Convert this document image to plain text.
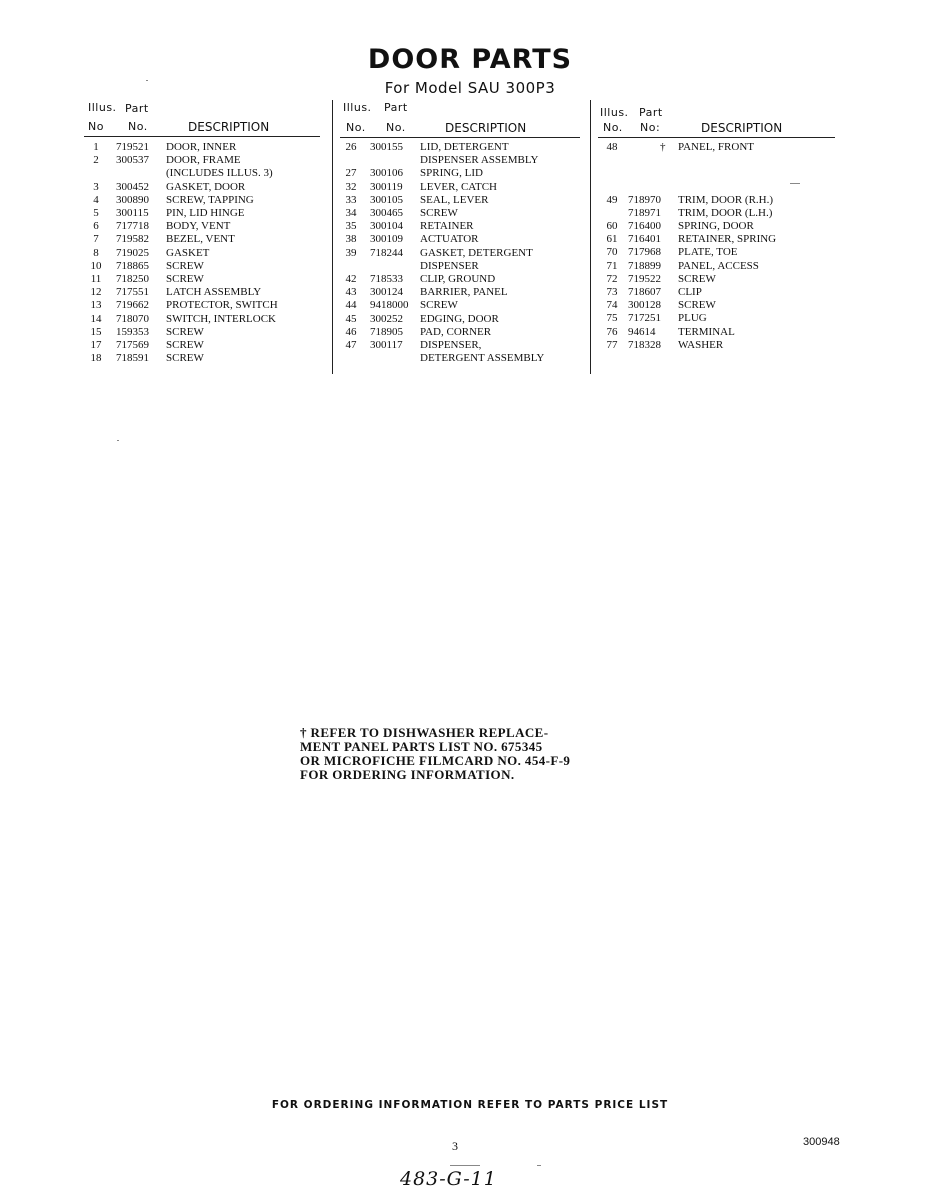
DOOR PARTS
For Model SAU 300P3
Illus. Part
No No.	DESCRIPTION
1	719521 DOOR, INNER
2	300537 DOOR, FRAME
(INCLUDES ILLUS. 3)
3	300452 GASKET, DOOR
4	300890 SCREW, TAPPING
5	300115 PIN, LID HINGE
6	717718 BODY, VENT
7	719582 BEZEL, VENT
8	719025 GASKET
10	718865 SCREW
11	718250 SCREW
12	717551 LATCH ASSEMBLY
13	719662 PROTECTOR, SWITCH
14	718070 SWITCH, INTERLOCK
15	159353 SCREW
17	717569 SCREW
18	718591 SCREW
Illus. Part
No. No.	DESCRIPTION
26	300155 LID, DETERGENT
DISPENSER ASSEMBLY
27	300106 SPRING, LID
32	300119 LEVER, CATCH
33	300105 SEAL, LEVER
34	300465 SCREW
35	300104 RETAINER
38	300109 ACTUATOR
39	718244 GASKET, DETERGENT
DISPENSER
42	718533 CLIP, GROUND
43	300124 BARRIER, PANEL
44	9418000 SCREW
45	300252 EDGING, DOOR
46	718905 PAD, CORNER
47	300117 DISPENSER,
DETERGENT ASSEMBLY
Illus. Part
No. No:	DESCRIPTION
48	† PANEL, FRONT
49 718970 TRIM, DOOR (R.H.)
718971 TRIM, DOOR (L.H.)
60 716400 SPRING, DOOR
61 716401 RETAINER, SPRING
70 717968 PLATE, TOE
71 718899 PANEL, ACCESS
72 719522 SCREW
73 718607 CLIP
74 300128 SCREW
75 717251 PLUG
76 94614 TERMINAL
77 718328 WASHER
† REFER TO DISHWASHER REPLACE-
MENT PANEL PARTS LIST NO. 675345
OR MICROFICHE FILMCARD NO. 454-F-9
FOR ORDERING INFORMATION.
FOR ORDERING INFORMATION REFER TO PARTS PRICE LIST
3	300948
483-G-11
